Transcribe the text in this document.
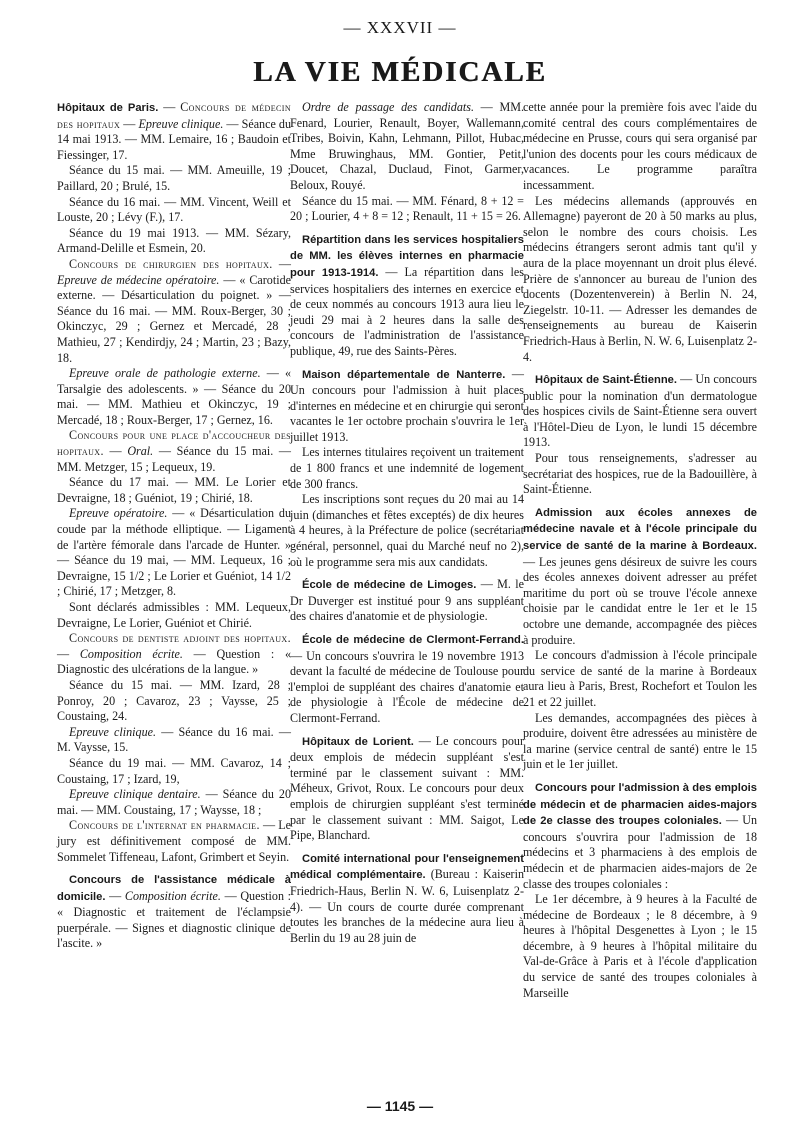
— XXXVII —
LA VIE MÉDICALE

Hôpitaux de Paris. — Concours de médecin des hopitaux — Epreuve clinique. — Séance du 14 mai 1913. — MM. Lemaire, 16 ; Baudoin et Fiessinger, 17.

Séance du 15 mai. — MM. Ameuille, 19 ; Paillard, 20 ; Brulé, 15.

Séance du 16 mai. — MM. Vincent, Weill et Louste, 20 ; Lévy (F.), 17.

Séance du 19 mai 1913. — MM. Sézary, Armand-Delille et Esmein, 20.

Concours de chirurgien des hopitaux. — Epreuve de médecine opératoire. — « Carotide externe. — Désarticulation du poignet. » — Séance du 16 mai. — MM. Roux-Berger, 30 ; Okinczyc, 29 ; Gernez et Mercadé, 28 ; Mathieu, 27 ; Kendirdjy, 24 ; Martin, 23 ; Bazy, 18.

Epreuve orale de pathologie externe. — « Tarsalgie des adolescents. » — Séance du 20 mai. — MM. Mathieu et Okinczyc, 19 ; Mercadé, 18 ; Roux-Berger, 17 ; Gernez, 16.

Concours pour une place d'accoucheur des hopitaux. — Oral. — Séance du 15 mai. — MM. Metzger, 15 ; Lequeux, 19.

Séance du 17 mai. — MM. Le Lorier et Devraigne, 18 ; Guéniot, 19 ; Chirié, 18.

Epreuve opératoire. — « Désarticulation du coude par la méthode elliptique. — Ligament de l'artère fémorale dans l'arcade de Hunter. » — Séance du 19 mai, — MM. Lequeux, 16 ; Devraigne, 15 1/2 ; Le Lorier et Guéniot, 14 1/2 ; Chirié, 17 ; Metzger, 8.

Sont déclarés admissibles : MM. Lequeux, Devraigne, Le Lorier, Guéniot et Chirié.

Concours de dentiste adjoint des hopitaux. — Composition écrite. — Question : « Diagnostic des ulcérations de la langue. »

Séance du 15 mai. — MM. Izard, 28 ; Ponroy, 20 ; Cavaroz, 23 ; Vaysse, 25 ; Coustaing, 24.

Epreuve clinique. — Séance du 16 mai. — M. Vaysse, 15.

Séance du 19 mai. — MM. Cavaroz, 14 ; Coustaing, 17 ; Izard, 19,

Epreuve clinique dentaire. — Séance du 20 mai. — MM. Coustaing, 17 ; Waysse, 18 ;

Concours de l'internat en pharmacie. — Le jury est définitivement composé de MM. Sommelet Tiffeneau, Lafont, Grimbert et Seyin.

Concours de l'assistance médicale à domicile. — Composition écrite. — Question : « Diagnostic et traitement de l'éclampsie puerpérale. — Signes et diagnostic clinique de l'ascite. »

Ordre de passage des candidats. — MM. Fenard, Lourier, Renault, Boyer, Wallemann, Tribes, Boivin, Kahn, Lehmann, Pillot, Hubac, Mme Bruwinghaus, MM. Gontier, Petit, Doucet, Chazal, Duclaud, Finot, Garmer, Beloux, Rouyé.

Séance du 15 mai. — MM. Fénard, 8 + 12 = 20 ; Lourier, 4 + 8 = 12 ; Renault, 11 + 15 = 26.

Répartition dans les services hospitaliers de MM. les élèves internes en pharmacie pour 1913-1914. — La répartition dans les services hospitaliers des internes en exercice et de ceux nommés au concours 1913 aura lieu le jeudi 29 mai à 2 heures dans la salle des concours de l'administration de l'assistance publique, 49, rue des Saints-Pères.

Maison départementale de Nanterre. — Un concours pour l'admission à huit places d'internes en médecine et en chirurgie qui seront vacantes le 1er octobre prochain s'ouvrira le 1er juillet 1913.

Les internes titulaires reçoivent un traitement de 1 800 francs et une indemnité de logement de 300 francs.

Les inscriptions sont reçues du 20 mai au 14 juin (dimanches et fêtes exceptés) de dix heures à 4 heures, à la Préfecture de police (secrétariat général, personnel, quai du Marché neuf no 2), où le programme sera mis aux candidats.

École de médecine de Limoges. — M. le Dr Duverger est institué pour 9 ans suppléant des chaires d'anatomie et de physiologie.

École de médecine de Clermont-Ferrand. — Un concours s'ouvrira le 19 novembre 1913 devant la faculté de médecine de Toulouse pour l'emploi de suppléant des chaires d'anatomie et de physiologie à l'École de médecine de Clermont-Ferrand.

Hôpitaux de Lorient. — Le concours pour deux emplois de médecin suppléant s'est terminé par le classement suivant : MM. Méheux, Grivot, Roux. Le concours pour deux emplois de chirurgien suppléant s'est terminé par le classement suivant : MM. Saigot, Le Pipe, Blanchard.

Comité international pour l'enseignement médical complémentaire. (Bureau : Kaiserin Friedrich-Haus, Berlin N. W. 6, Luisenplatz 2-4). — Un cours de courte durée comprenant toutes les branches de la médecine aura lieu à Berlin du 19 au 28 juin de

cette année pour la première fois avec l'aide du comité central des cours complémentaires de médecine en Prusse, cours qui sera organisé par l'union des docents pour les cours médicaux de vacances. Le programme paraîtra incessamment.

Les médecins allemands (approuvés en Allemagne) payeront de 20 à 50 marks au plus, selon le nombre des cours choisis. Les médecins étrangers seront admis tant qu'il y aura de la place moyennant un droit plus élevé. Prière de s'annoncer au bureau de l'union des docents (Dozentenverein) à Berlin N. 24, Ziegelstr. 10-11. — Adresser les demandes de renseignements au bureau de Kaiserin Friedrich-Haus à Berlin, N. W. 6, Luisenplatz 2-4.

Hôpitaux de Saint-Étienne. — Un concours public pour la nomination d'un dermatologue des hospices civils de Saint-Étienne sera ouvert à l'Hôtel-Dieu de Lyon, le lundi 15 décembre 1913.

Pour tous renseignements, s'adresser au secrétariat des hospices, rue de la Badouillère, à Saint-Étienne.

Admission aux écoles annexes de médecine navale et à l'école principale du service de santé de la marine à Bordeaux. — Les jeunes gens désireux de suivre les cours des écoles annexes doivent adresser au préfet maritime du port où se trouve l'école annexe choisie par le candidat entre le 1er et le 15 octobre une demande, accompagnée des pièces à produire.

Le concours d'admission à l'école principale du service de santé de la marine à Bordeaux aura lieu à Paris, Brest, Rochefort et Toulon les 21 et 22 juillet.

Les demandes, accompagnées des pièces à produire, doivent être adressées au ministère de la marine (service central de santé) entre le 15 juin et le 1er juillet.

Concours pour l'admission à des emplois de médecin et de pharmacien aides-majors de 2e classe des troupes coloniales. — Un concours s'ouvrira pour l'admission de 18 médecins et 3 pharmaciens à des emplois de médecin et de pharmacien aides-majors de 2e classe des troupes coloniales :

Le 1er décembre, à 9 heures à la Faculté de médecine de Bordeaux ; le 8 décembre, à 9 heures à l'hôpital Desgenettes à Lyon ; le 15 décembre, à 9 heures à l'hôpital militaire du Val-de-Grâce à Paris et à l'école d'application du service de santé des troupes coloniales à Marseille

— 1145 —
